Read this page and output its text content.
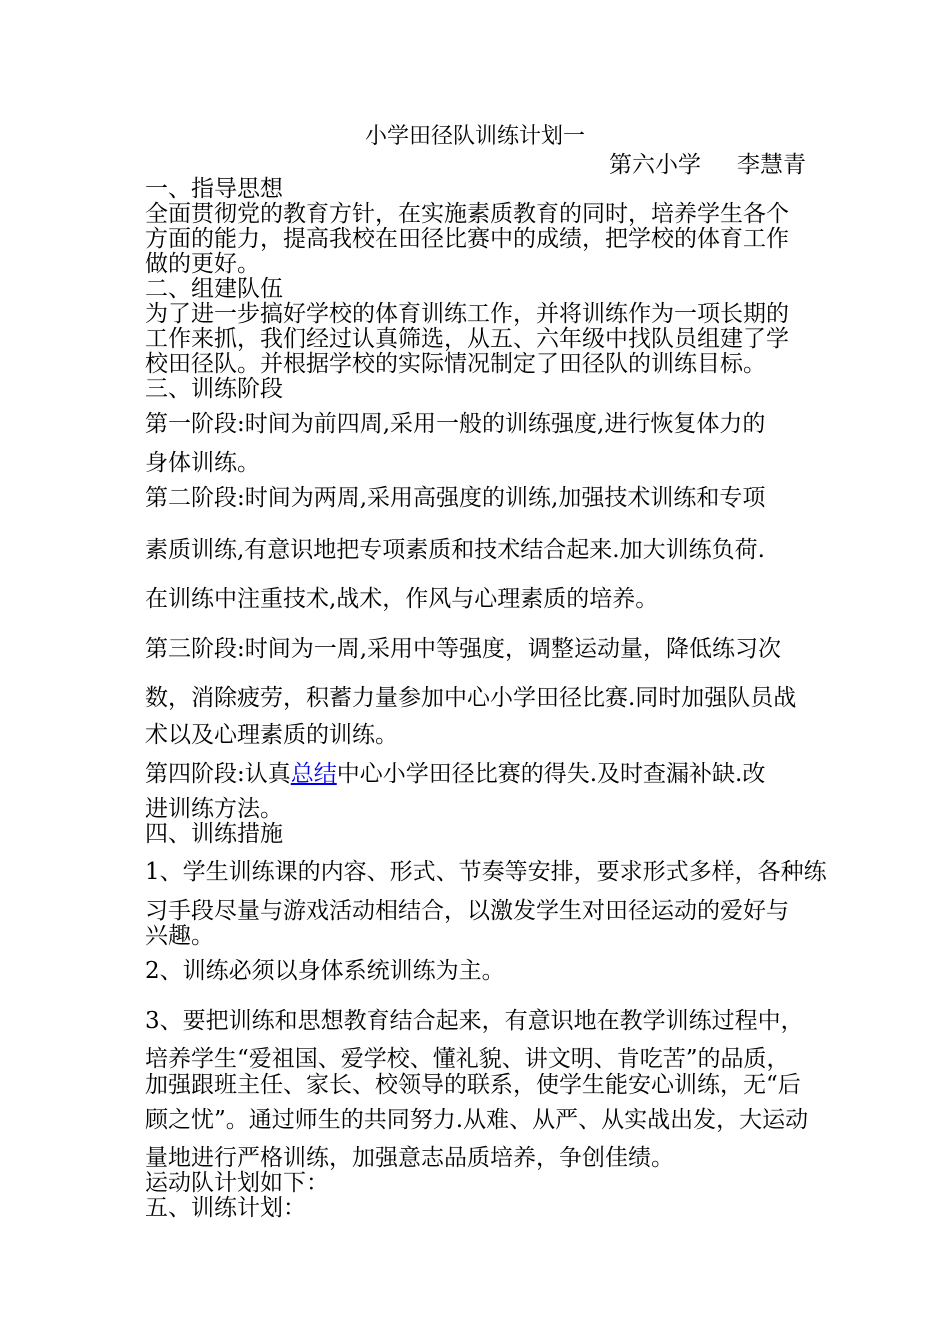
小学田径队训练计划一
第六小学 李慧青
一、指导思想
全面贯彻党的教育方针，在实施素质教育的同时，培养学生各个
方面的能力，提高我校在田径比赛中的成绩，把学校的体育工作
做的更好。
二、组建队伍
为了进一步搞好学校的体育训练工作，并将训练作为一项长期的
工作来抓，我们经过认真筛选，从五、六年级中找队员组建了学
校田径队。并根据学校的实际情况制定了田径队的训练目标。
三、训练阶段
第一阶段:时间为前四周,采用一般的训练强度,进行恢复体力的
身体训练。
第二阶段:时间为两周,采用高强度的训练,加强技术训练和专项
素质训练,有意识地把专项素质和技术结合起来.加大训练负荷.
在训练中注重技术,战术，作风与心理素质的培养。
第三阶段:时间为一周,采用中等强度，调整运动量，降低练习次
数，消除疲劳，积蓄力量参加中心小学田径比赛.同时加强队员战
术以及心理素质的训练。
第四阶段:认真总结中心小学田径比赛的得失.及时查漏补缺.改
进训练方法。
四、训练措施
1、学生训练课的内容、形式、节奏等安排，要求形式多样，各种练
习手段尽量与游戏活动相结合，以激发学生对田径运动的爱好与
兴趣。
2、训练必须以身体系统训练为主。
3、要把训练和思想教育结合起来，有意识地在教学训练过程中，
培养学生“爱祖国、爱学校、懂礼貌、讲文明、肯吃苦”的品质，
加强跟班主任、家长、校领导的联系，使学生能安心训练，无“后
顾之忧”。通过师生的共同努力.从难、从严、从实战出发，大运动
量地进行严格训练，加强意志品质培养，争创佳绩。
运动队计划如下：
五、训练计划：
